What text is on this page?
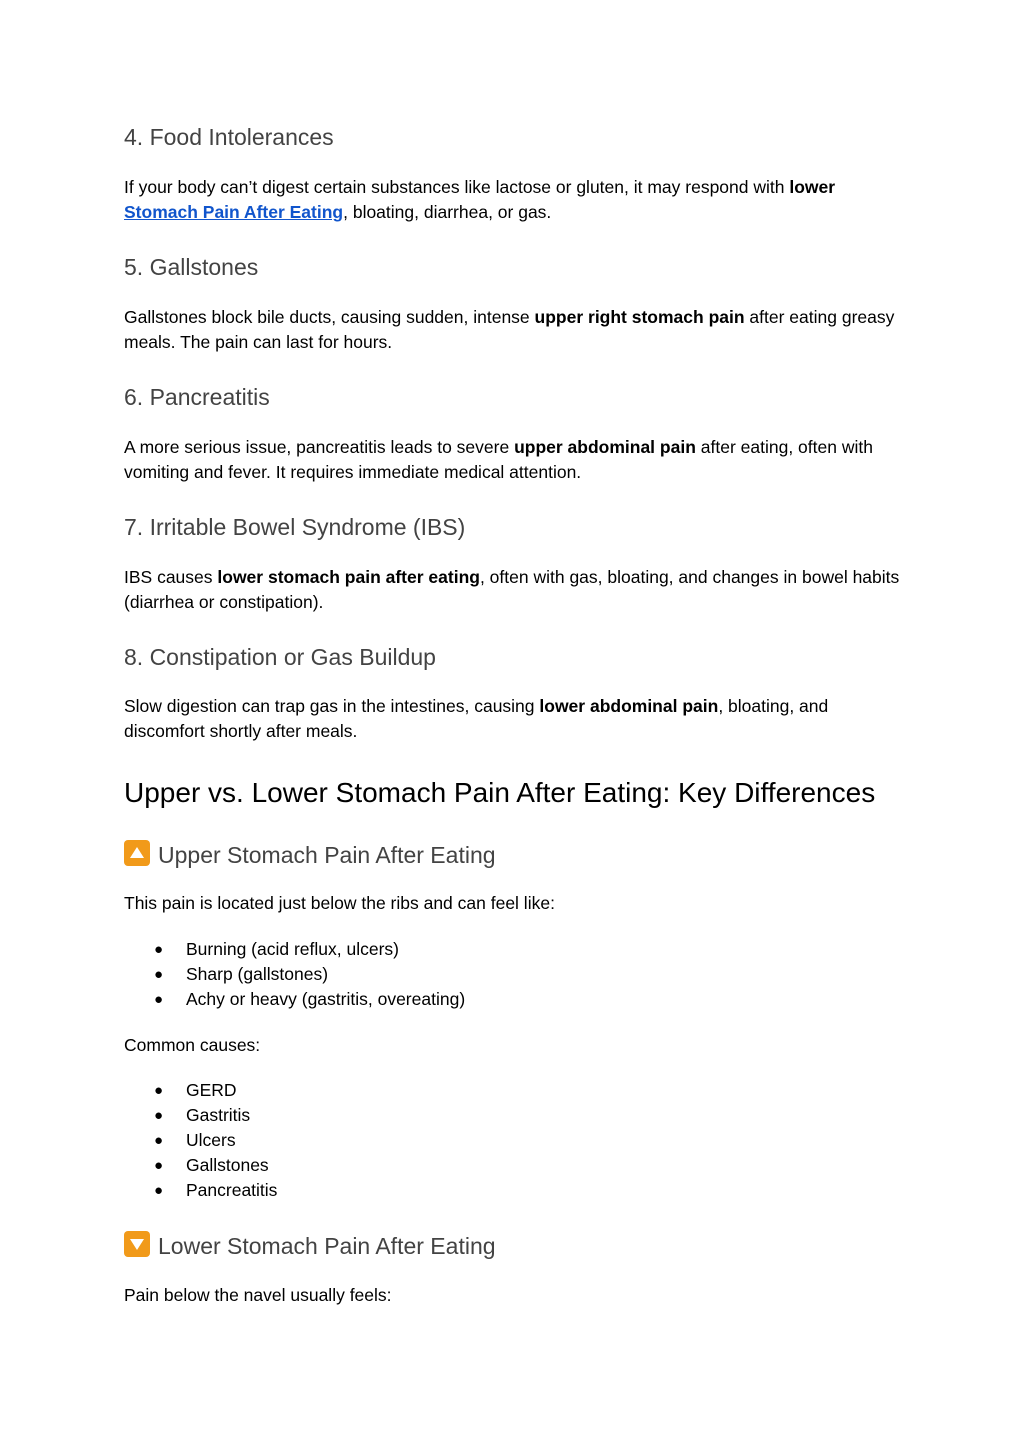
4. Food Intolerances

If your body can’t digest certain substances like lactose or gluten, it may respond with lower Stomach Pain After Eating, bloating, diarrhea, or gas.

5. Gallstones

Gallstones block bile ducts, causing sudden, intense upper right stomach pain after eating greasy meals. The pain can last for hours.

6. Pancreatitis

A more serious issue, pancreatitis leads to severe upper abdominal pain after eating, often with vomiting and fever. It requires immediate medical attention.

7. Irritable Bowel Syndrome (IBS)

IBS causes lower stomach pain after eating, often with gas, bloating, and changes in bowel habits (diarrhea or constipation).

8. Constipation or Gas Buildup

Slow digestion can trap gas in the intestines, causing lower abdominal pain, bloating, and discomfort shortly after meals.

Upper vs. Lower Stomach Pain After Eating: Key Differences
Upper Stomach Pain After Eating

This pain is located just below the ribs and can feel like:

● Burning (acid reflux, ulcers)
● Sharp (gallstones)
● Achy or heavy (gastritis, overeating)

Common causes:

● GERD
● Gastritis
● Ulcers
● Gallstones
● Pancreatitis
Lower Stomach Pain After Eating

Pain below the navel usually feels:
